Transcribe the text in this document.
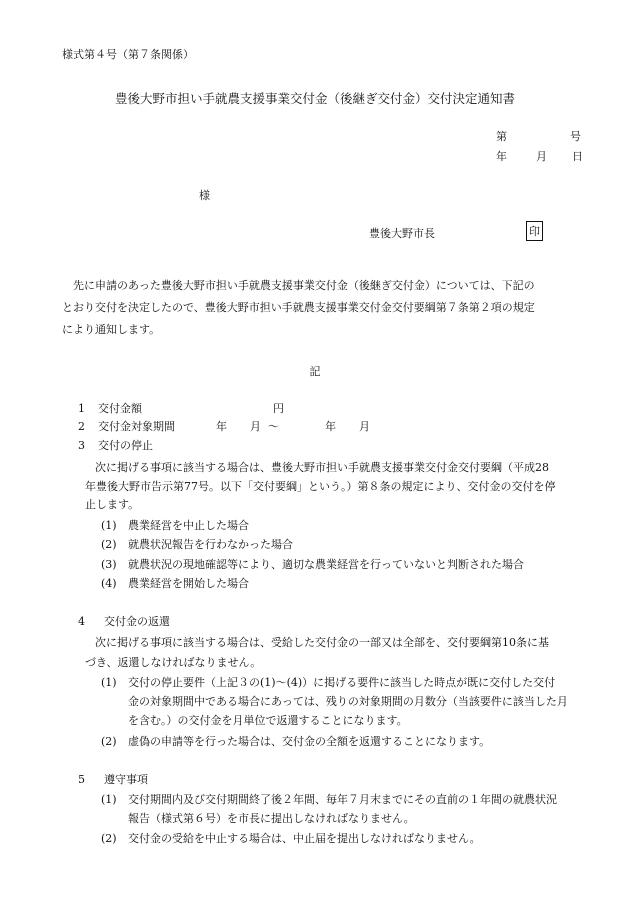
様式第４号（第７条関係）
豊後大野市担い手就農支援事業交付金（後継ぎ交付金）交付決定通知書
第	号
年	月 日
様
豊後大野市長	印

　先に申請のあった豊後大野市担い手就農支援事業交付金（後継ぎ交付金）については、下記の

とおり交付を決定したので、豊後大野市担い手就農支援事業交付金交付要綱第７条第２項の規定

により通知します。

記
1 交付金額	円
2 交付金対象期間	年 月 〜	年 月
3 交付の停止
次に掲げる事項に該当する場合は、豊後大野市担い手就農支援事業交付金交付要綱（平成28
年豊後大野市告示第77号。以下「交付要綱」という。）第８条の規定により、交付金の交付を停
止します。
(1) 農業経営を中止した場合
(2) 就農状況報告を行わなかった場合
(3) 就農状況の現地確認等により、適切な農業経営を行っていないと判断された場合
(4) 農業経営を開始した場合
4 交付金の返還
次に掲げる事項に該当する場合は、受給した交付金の一部又は全部を、交付要綱第10条に基
づき、返還しなければなりません。
(1) 交付の停止要件（上記３の(1)〜(4)）に掲げる要件に該当した時点が既に交付した交付
金の対象期間中である場合にあっては、残りの対象期間の月数分（当該要件に該当した月
を含む。）の交付金を月単位で返還することになります。
(2) 虚偽の申請等を行った場合は、交付金の全額を返還することになります。
5 遵守事項
(1) 交付期間内及び交付期間終了後２年間、毎年７月末までにその直前の１年間の就農状況
報告（様式第６号）を市長に提出しなければなりません。
(2) 交付金の受給を中止する場合は、中止届を提出しなければなりません。
